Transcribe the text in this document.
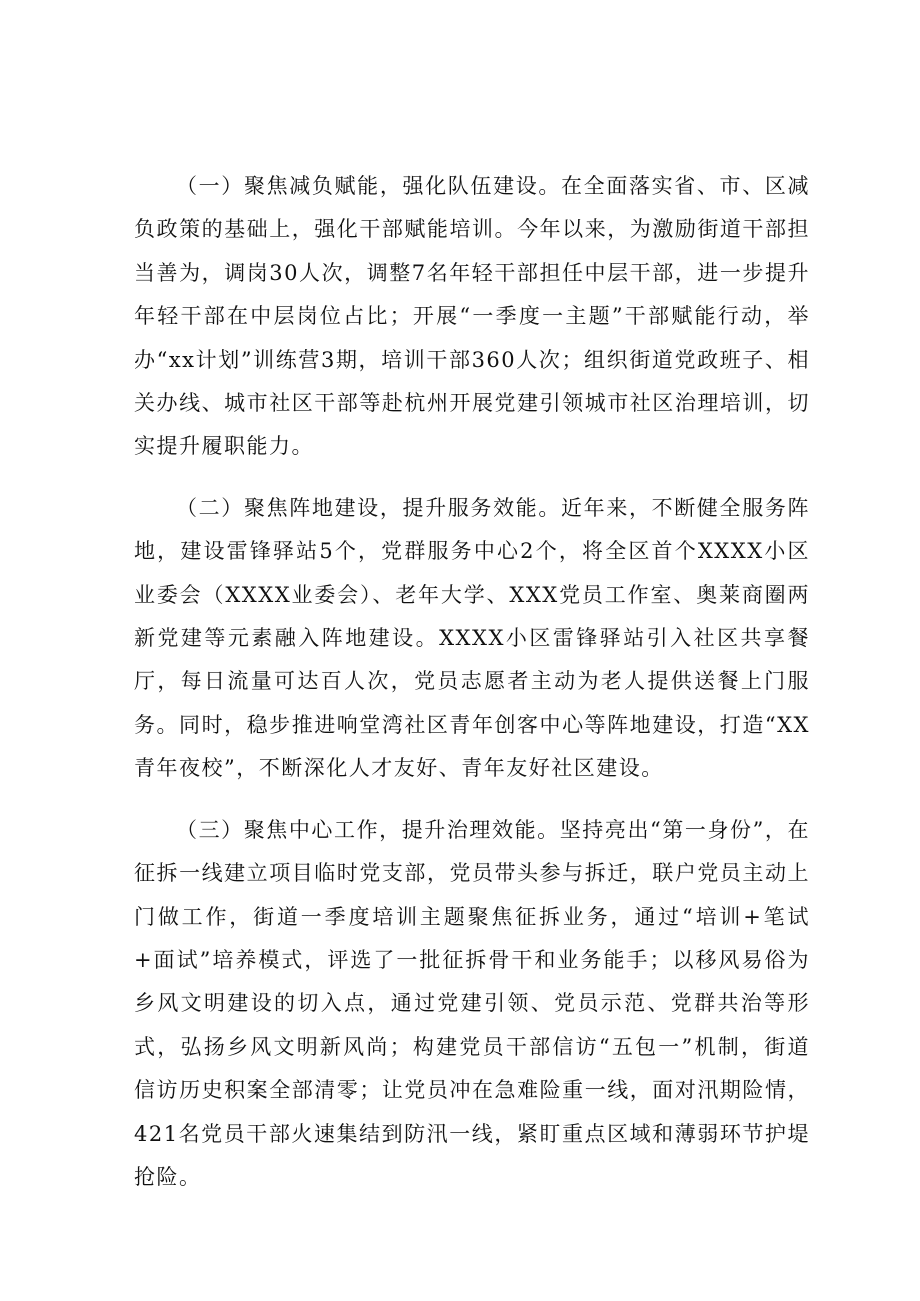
（一）聚焦减负赋能，强化队伍建设。在全面落实省、市、区减负政策的基础上，强化干部赋能培训。今年以来，为激励街道干部担当善为，调岗30人次，调整7名年轻干部担任中层干部，进一步提升年轻干部在中层岗位占比；开展“一季度一主题”干部赋能行动，举办“xx计划”训练营3期，培训干部360人次；组织街道党政班子、相关办线、城市社区干部等赴杭州开展党建引领城市社区治理培训，切实提升履职能力。

（二）聚焦阵地建设，提升服务效能。近年来，不断健全服务阵地，建设雷锋驿站5个，党群服务中心2个，将全区首个XXXX小区业委会（XXXX业委会）、老年大学、XXX党员工作室、奥莱商圈两新党建等元素融入阵地建设。XXXX小区雷锋驿站引入社区共享餐厅，每日流量可达百人次，党员志愿者主动为老人提供送餐上门服务。同时，稳步推进响堂湾社区青年创客中心等阵地建设，打造“XX青年夜校”，不断深化人才友好、青年友好社区建设。

（三）聚焦中心工作，提升治理效能。坚持亮出“第一身份”，在征拆一线建立项目临时党支部，党员带头参与拆迁，联户党员主动上门做工作，街道一季度培训主题聚焦征拆业务，通过“培训+笔试+面试”培养模式，评选了一批征拆骨干和业务能手；以移风易俗为乡风文明建设的切入点，通过党建引领、党员示范、党群共治等形式，弘扬乡风文明新风尚；构建党员干部信访“五包一”机制，街道信访历史积案全部清零；让党员冲在急难险重一线，面对汛期险情，421名党员干部火速集结到防汛一线，紧盯重点区域和薄弱环节护堤抢险。
